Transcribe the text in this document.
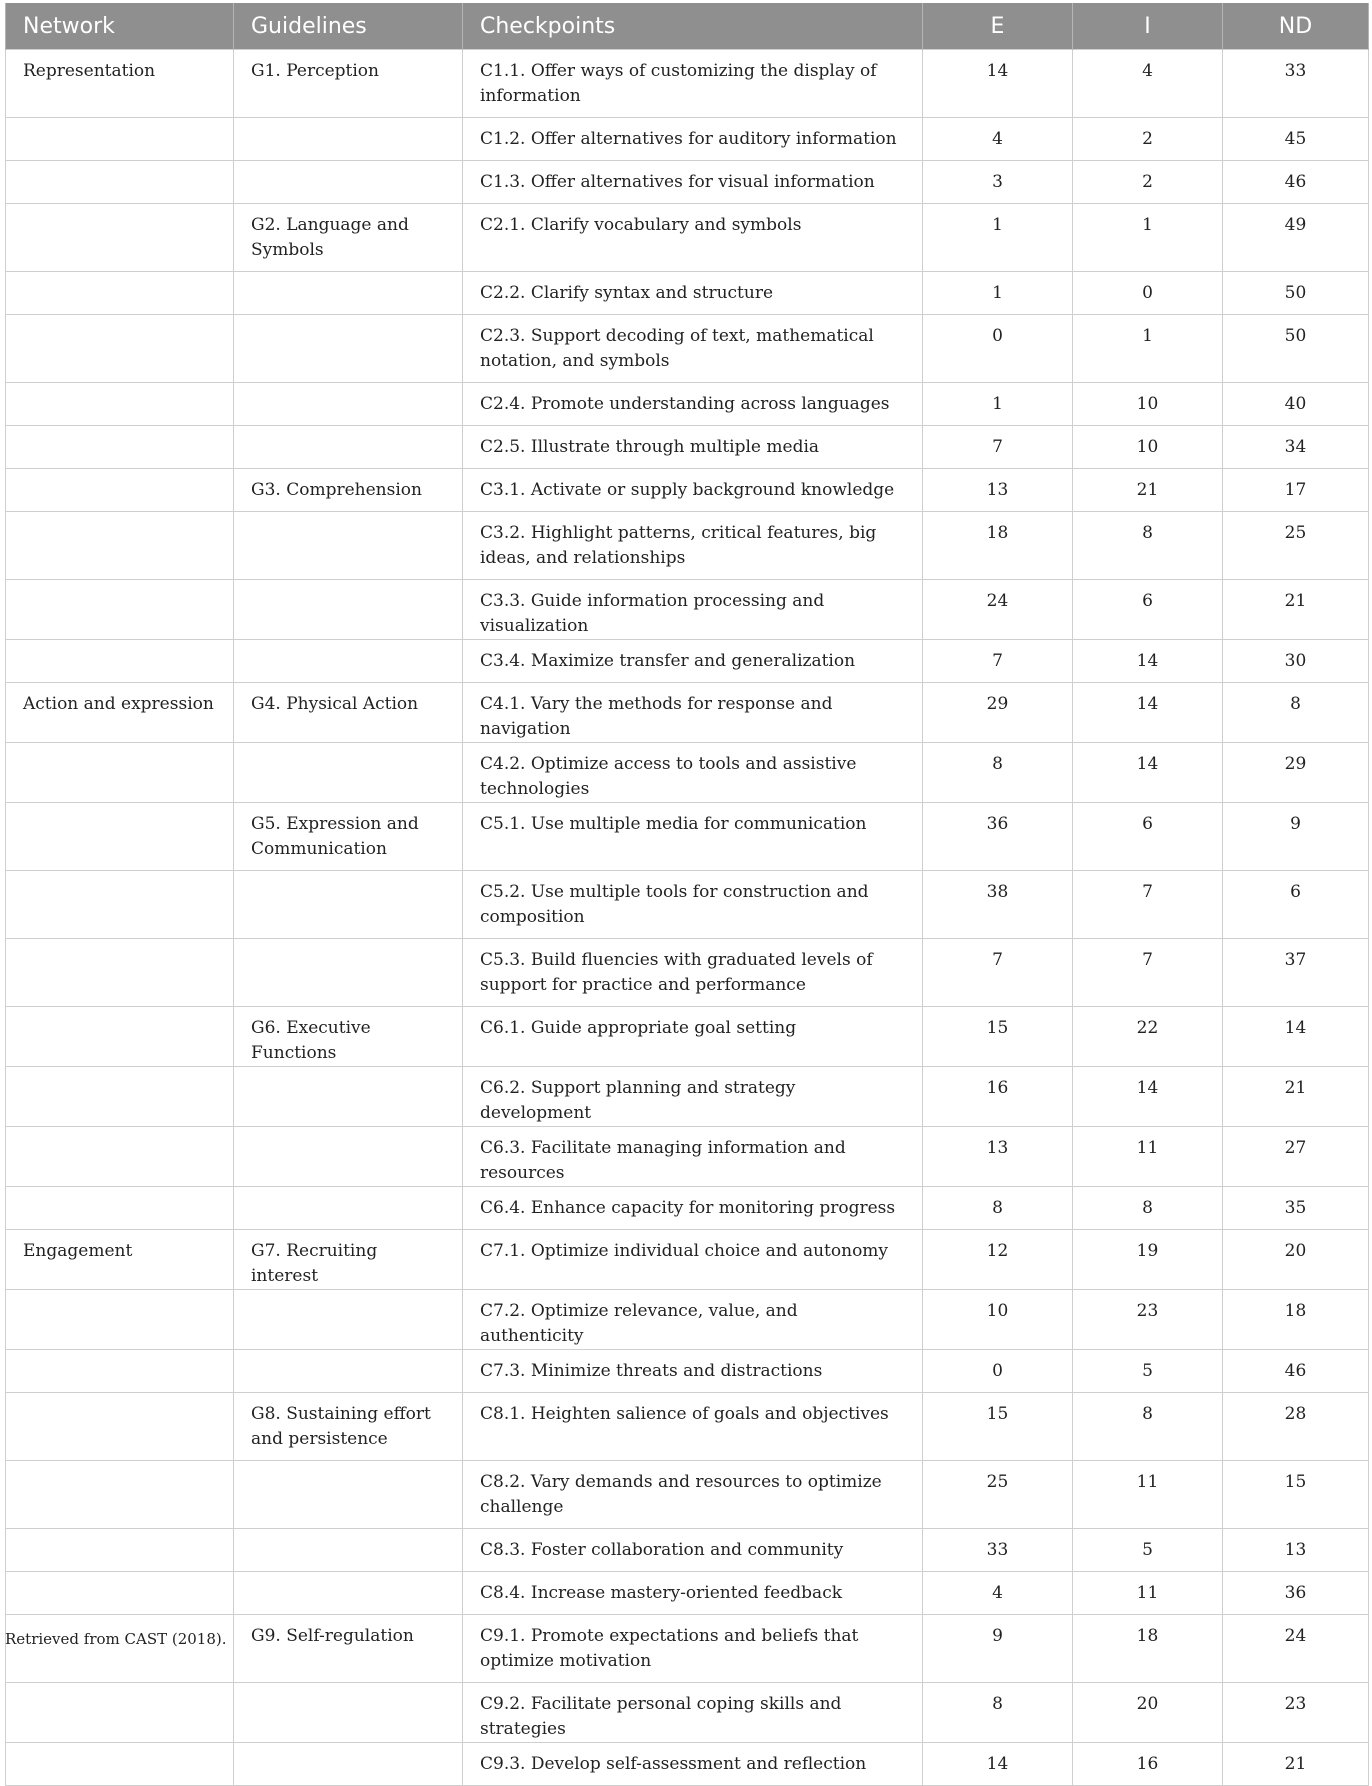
Network	Guidelines	Checkpoints	E	I	ND
Representation	G1. Perception	C1.1. Offer ways of customizing the display of information	14	4	33
		C1.2. Offer alternatives for auditory information	4	2	45
		C1.3. Offer alternatives for visual information	3	2	46
	G2. Language and Symbols	C2.1. Clarify vocabulary and symbols	1	1	49
		C2.2. Clarify syntax and structure	1	0	50
		C2.3. Support decoding of text, mathematical notation, and symbols	0	1	50
		C2.4. Promote understanding across languages	1	10	40
		C2.5. Illustrate through multiple media	7	10	34
	G3. Comprehension	C3.1. Activate or supply background knowledge	13	21	17
		C3.2. Highlight patterns, critical features, big ideas, and relationships	18	8	25
		C3.3. Guide information processing and visualization	24	6	21
		C3.4. Maximize transfer and generalization	7	14	30
Action and expression	G4. Physical Action	C4.1. Vary the methods for response and navigation	29	14	8
		C4.2. Optimize access to tools and assistive technologies	8	14	29
	G5. Expression and Communication	C5.1. Use multiple media for communication	36	6	9
		C5.2. Use multiple tools for construction and composition	38	7	6
		C5.3. Build fluencies with graduated levels of support for practice and performance	7	7	37
	G6. Executive Functions	C6.1. Guide appropriate goal setting	15	22	14
		C6.2. Support planning and strategy development	16	14	21
		C6.3. Facilitate managing information and resources	13	11	27
		C6.4. Enhance capacity for monitoring progress	8	8	35
Engagement	G7. Recruiting interest	C7.1. Optimize individual choice and autonomy	12	19	20
		C7.2. Optimize relevance, value, and authenticity	10	23	18
		C7.3. Minimize threats and distractions	0	5	46
	G8. Sustaining effort and persistence	C8.1. Heighten salience of goals and objectives	15	8	28
		C8.2. Vary demands and resources to optimize challenge	25	11	15
		C8.3. Foster collaboration and community	33	5	13
		C8.4. Increase mastery-oriented feedback	4	11	36
	G9. Self-regulation	C9.1. Promote expectations and beliefs that optimize motivation	9	18	24
		C9.2. Facilitate personal coping skills and strategies	8	20	23
		C9.3. Develop self-assessment and reflection	14	16	21
Retrieved from CAST (2018).
